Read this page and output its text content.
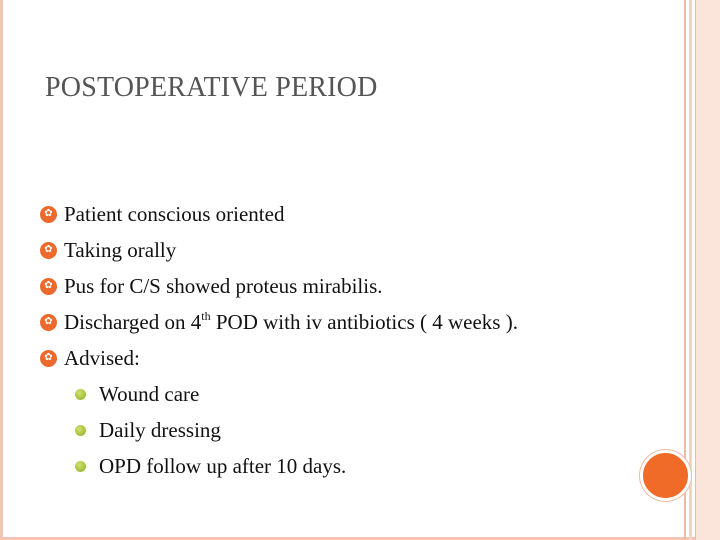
POSTOPERATIVE PERIOD
✿ Patient conscious oriented
✿ Taking orally
✿ Pus for C/S showed proteus mirabilis.
✿ Discharged on 4th POD with iv antibiotics ( 4 weeks ).
✿ Advised:
Wound care
Daily dressing
OPD follow up after 10 days.
